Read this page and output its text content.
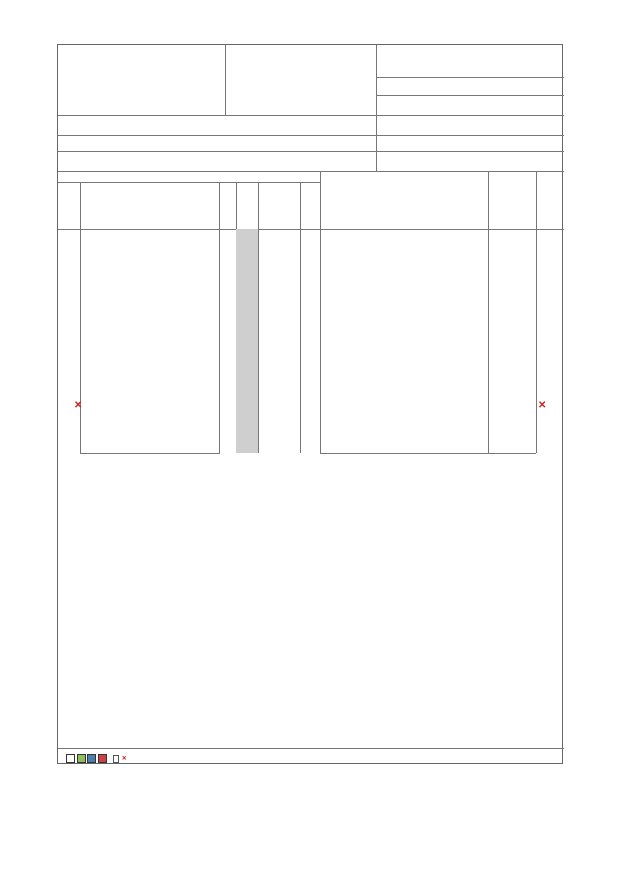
✕	✕
✕
